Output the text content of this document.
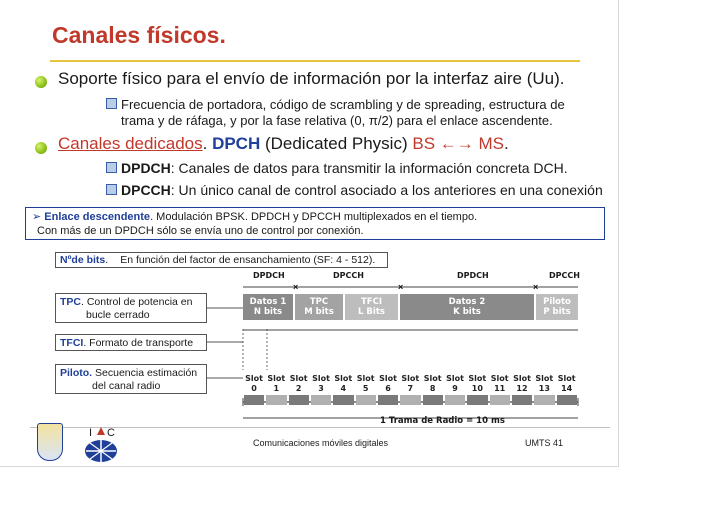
Canales físicos.
Soporte físico para el envío de información por la interfaz aire (Uu).
Frecuencia de portadora, código de scrambling y de spreading, estructura de
trama y de ráfaga, y por la fase relativa (0, π/2) para el enlace ascendente.
Canales dedicados. DPCH (Dedicated Physic) BS ←→ MS.
DPDCH: Canales de datos para transmitir la información concreta DCH.
DPCCH: Un único canal de control asociado a los anteriores en una conexión
➢ Enlace descendente. Modulación BPSK. DPDCH y DPCCH multiplexados en el tiempo.
Con más de un DPDCH sólo se envía uno de control por conexión.
Nºde bits. En función del factor de ensanchamiento (SF: 4 - 512).
TPC. Control de potencia en
bucle cerrado
TFCI. Formato de transporte
Piloto. Secuencia estimación
del canal radio
DPDCH	DPCCH	DPDCH	DPCCH
×	×	×
Datos 1
N bits
TPC
M bits
TFCI
L Bits
Datos 2
K bits
Piloto
P bits
Slot
0
Slot
1
Slot
2
Slot
3
Slot
4
Slot
5
Slot
6
Slot
7
Slot
8
Slot
9
Slot
10
Slot
11
Slot
12
Slot
13
Slot
14
1 Trama de Radio = 10 ms
Comunicaciones móviles digitales	UMTS 41
I C
